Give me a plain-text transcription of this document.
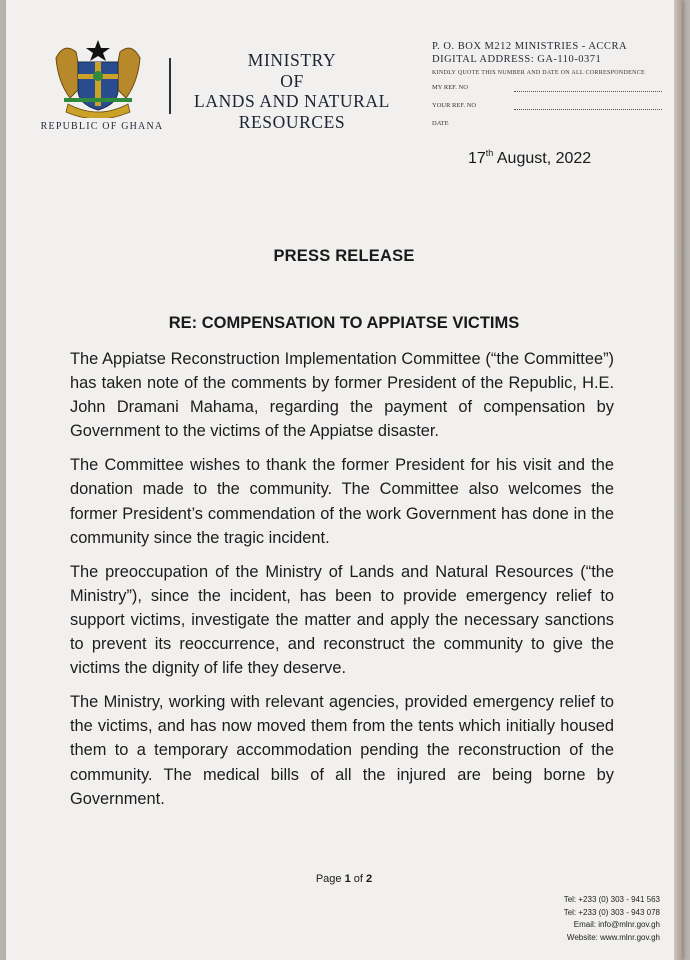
REPUBLIC OF GHANA
MINISTRY
OF
LANDS AND NATURAL
RESOURCES
P. O. BOX M212 MINISTRIES - ACCRA
DIGITAL ADDRESS: GA-110-0371
KINDLY QUOTE THIS NUMBER AND DATE ON ALL CORRESPONDENCE
MY REF. NO
YOUR REF. NO
DATE
17th August, 2022
PRESS RELEASE
RE: COMPENSATION TO APPIATSE VICTIMS

The Appiatse Reconstruction Implementation Committee (“the Committee”) has taken note of the comments by former President of the Republic, H.E. John Dramani Mahama, regarding the payment of compensation by Government to the victims of the Appiatse disaster.

The Committee wishes to thank the former President for his visit and the donation made to the community. The Committee also welcomes the former President’s commendation of the work Government has done in the community since the tragic incident.

The preoccupation of the Ministry of Lands and Natural Resources (“the Ministry”), since the incident, has been to provide emergency relief to support victims, investigate the matter and apply the necessary sanctions to prevent its reoccurrence, and reconstruct the community to give the victims the dignity of life they deserve.

The Ministry, working with relevant agencies, provided emergency relief to the victims, and has now moved them from the tents which initially housed them to a temporary accommodation pending the reconstruction of the community. The medical bills of all the injured are being borne by Government.

Page 1 of 2
Tel: +233 (0) 303 - 941 563
Tel: +233 (0) 303 - 943 078
Email: info@mlnr.gov.gh
Website: www.mlnr.gov.gh
